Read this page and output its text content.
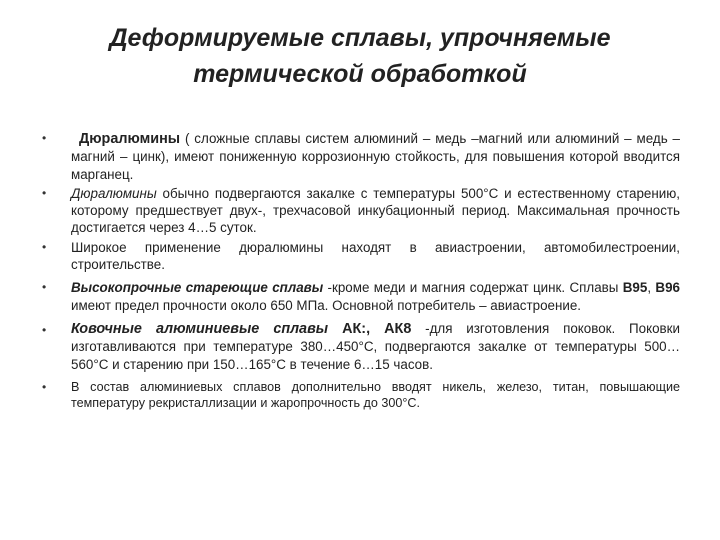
Деформируемые сплавы, упрочняемые
термической обработкой
• Дюралюмины ( сложные сплавы систем алюминий – медь –магний или алюминий – медь – магний – цинк), имеют пониженную коррозионную стойкость, для повышения которой вводится марганец.
• Дюралюмины обычно подвергаются закалке с температуры 500°С и естественному старению, которому предшествует двух-, трехчасовой инкубационный период. Максимальная прочность достигается через 4…5 суток.
• Широкое применение дюралюмины находят в авиастроении, автомобилестроении, строительстве.
• Высокопрочные стареющие сплавы -кроме меди и магния содержат цинк. Сплавы В95, В96 имеют предел прочности около 650 МПа. Основной потребитель – авиастроение.
• Ковочные алюминиевые сплавы АК:, АК8 -для изготовления поковок. Поковки изготавливаются при температуре 380…450°С, подвергаются закалке от температуры 500…560°С и старению при 150…165°С в течение 6…15 часов.
• В состав алюминиевых сплавов дополнительно вводят никель, железо, титан, повышающие температуру рекристаллизации и жаропрочность до 300°С.
